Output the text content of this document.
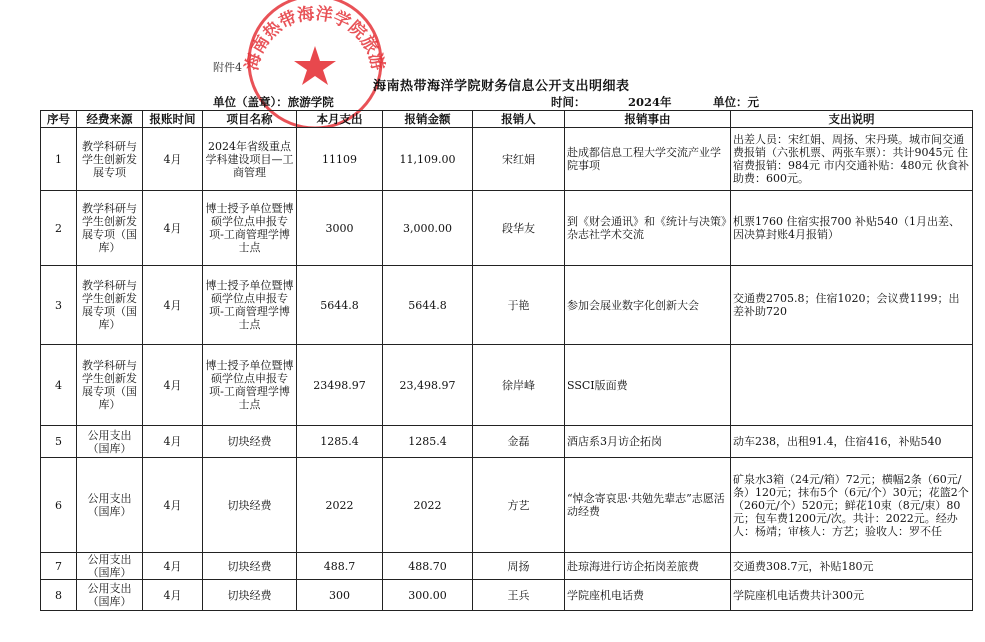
海南热带海洋学院旅游
附件4
海南热带海洋学院财务信息公开支出明细表
单位（盖章）：旅游学院	时间：	2024年	单位：元
序号	经费来源	报账时间	项目名称	本月支出	报销金额	报销人	报销事由	支出说明
1	教学科研与学生创新发展专项	4月	2024年省级重点学科建设项目—工商管理	11109	11,109.00	宋红娟	赴成都信息工程大学交流产业学院事项	出差人员：宋红娟、周扬、宋丹瑛。城市间交通费报销（六张机票、两张车票）：共计9045元 住宿费报销：984元 市内交通补贴：480元 伙食补助费：600元。
2	教学科研与学生创新发展专项（国库）	4月	博士授予单位暨博硕学位点申报专项-工商管理学博士点	3000	3,000.00	段华友	到《财会通讯》和《统计与决策》杂志社学术交流	机票1760 住宿实报700 补贴540（1月出差、因决算封账4月报销）
3	教学科研与学生创新发展专项（国库）	4月	博士授予单位暨博硕学位点申报专项-工商管理学博士点	5644.8	5644.8	于艳	参加会展业数字化创新大会	交通费2705.8；住宿1020；会议费1199；出差补助720
4	教学科研与学生创新发展专项（国库）	4月	博士授予单位暨博硕学位点申报专项-工商管理学博士点	23498.97	23,498.97	徐岸峰	SSCI版面费	
5	公用支出（国库）	4月	切块经费	1285.4	1285.4	金磊	酒店系3月访企拓岗	动车238，出租91.4，住宿416，补贴540
6	公用支出（国库）	4月	切块经费	2022	2022	方艺	“悼念寄哀思·共勉先辈志”志愿活动经费	矿泉水3箱（24元/箱）72元；横幅2条（60元/条）120元；抹布5个（6元/个）30元；花篮2个（260元/个）520元；鲜花10束（8元/束）80元；包车费1200元/次。共计：2022元。经办人：杨靖；审核人：方艺；验收人：罗不任
7	公用支出（国库）	4月	切块经费	488.7	488.70	周扬	赴琼海进行访企拓岗差旅费	交通费308.7元，补贴180元
8	公用支出（国库）	4月	切块经费	300	300.00	王兵	学院座机电话费	学院座机电话费共计300元
